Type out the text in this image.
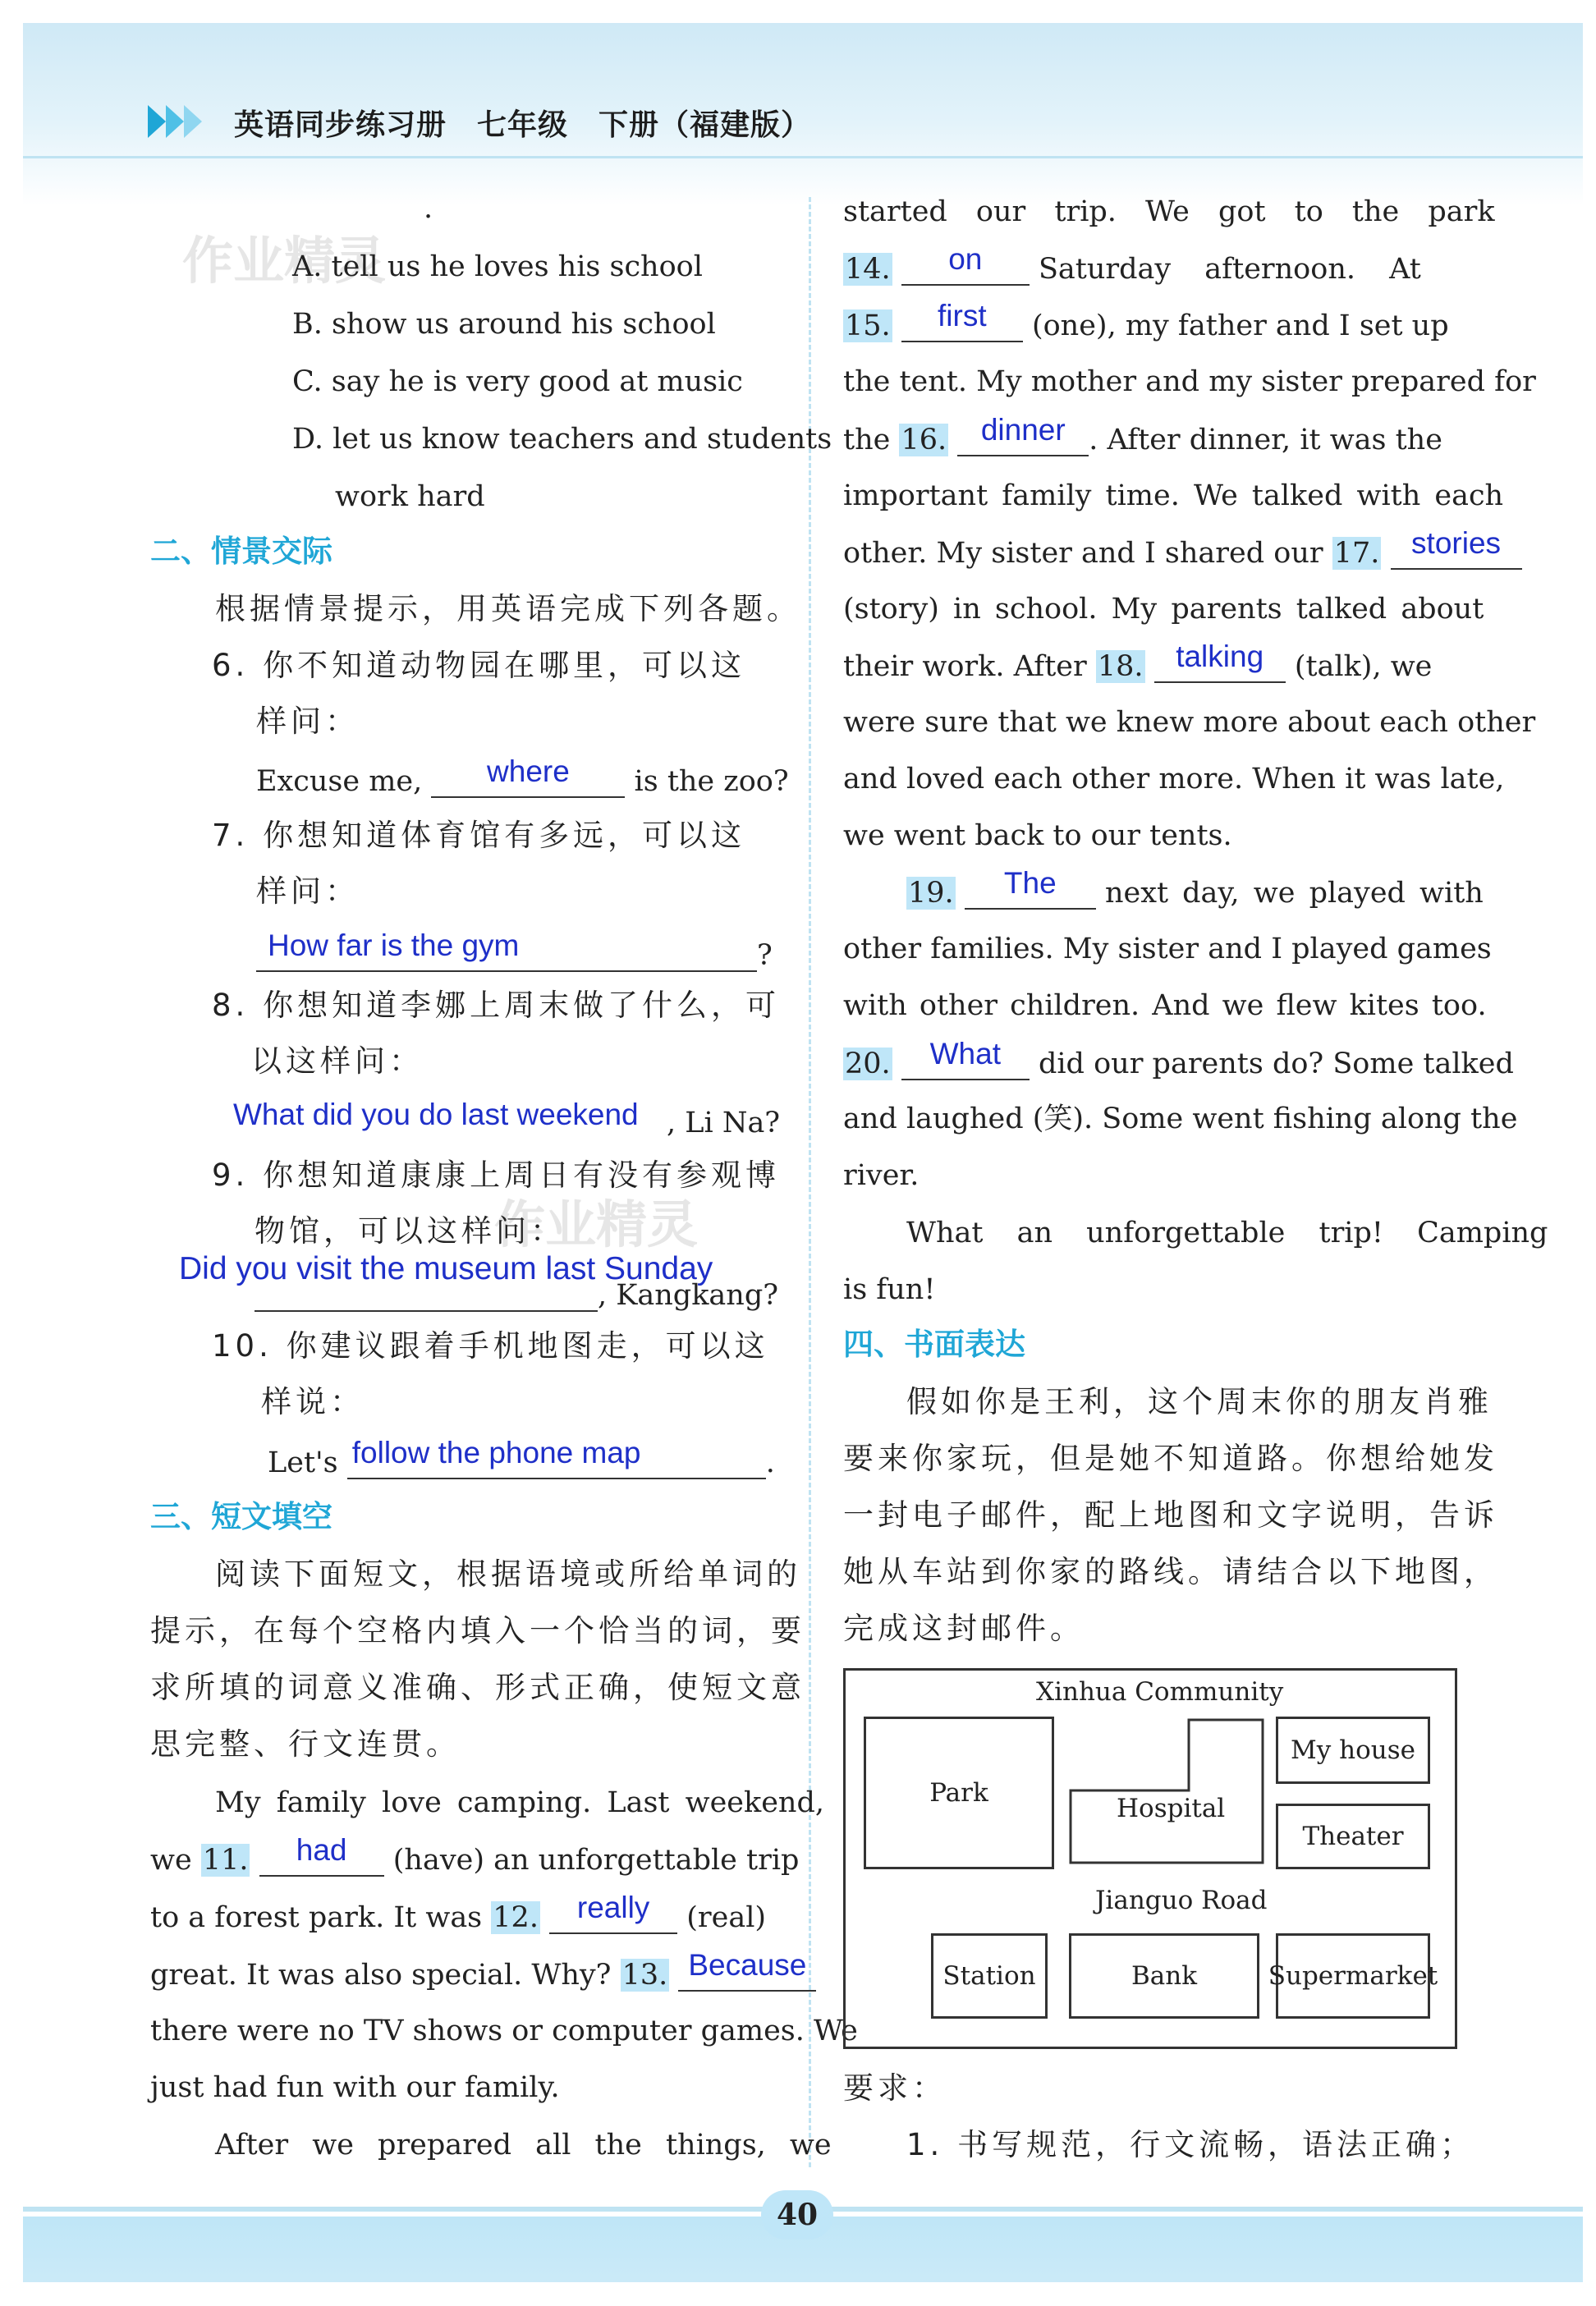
英语同步练习册　七年级　下册（福建版）
作业精灵
作业精灵
.
A. tell us he loves his school
B. show us around his school
C. say he is very good at music
D. let us know teachers and students
work hard
二、情景交际
根据情景提示，用英语完成下列各题。
6. 你不知道动物园在哪里，可以这
样问：
Excuse me,	where	is the zoo?
7. 你想知道体育馆有多远，可以这
样问：
How far is the gym	?
8. 你想知道李娜上周末做了什么，可
以这样问：
What did you do last weekend , Li Na?
9. 你想知道康康上周日有没有参观博
物馆，可以这样问：
Did you visit the museum last Sunday
, Kangkang?
10. 你建议跟着手机地图走，可以这
样说：
Let's follow the phone map	.
三、短文填空
阅读下面短文，根据语境或所给单词的
提示，在每个空格内填入一个恰当的词，要
求所填的词意义准确、形式正确，使短文意
思完整、行文连贯。
My family love camping. Last weekend,
we 11.	had	(have) an unforgettable trip
to a forest park. It was 12.	really	(real)
great. It was also special. Why? 13. Because
there were no TV shows or computer games. We
just had fun with our family.
After we prepared all the things, we
started our trip. We got to the park
14.	on	Saturday afternoon. At
15.	first	(one), my father and I set up
the tent. My mother and my sister prepared for
the 16.	dinner . After dinner, it was the
important family time. We talked with each
other. My sister and I shared our 17.	stories
(story) in school. My parents talked about
their work. After 18.	talking	(talk), we
were sure that we knew more about each other
and loved each other more. When it was late,
we went back to our tents.
19.	The	next day, we played with
other families. My sister and I played games
with other children. And we flew kites too.
20.	What	did our parents do? Some talked
and laughed (笑). Some went fishing along the
river.
What an unforgettable trip! Camping
is fun!
四、书面表达
假如你是王利，这个周末你的朋友肖雅
要来你家玩，但是她不知道路。你想给她发
一封电子邮件，配上地图和文字说明，告诉
她从车站到你家的路线。请结合以下地图，
完成这封邮件。
Xinhua Community
Park
Hospital
My house
Theater
Jianguo Road
Station	Bank	Supermarket
要求：
1. 书写规范，行文流畅，语法正确；
40
